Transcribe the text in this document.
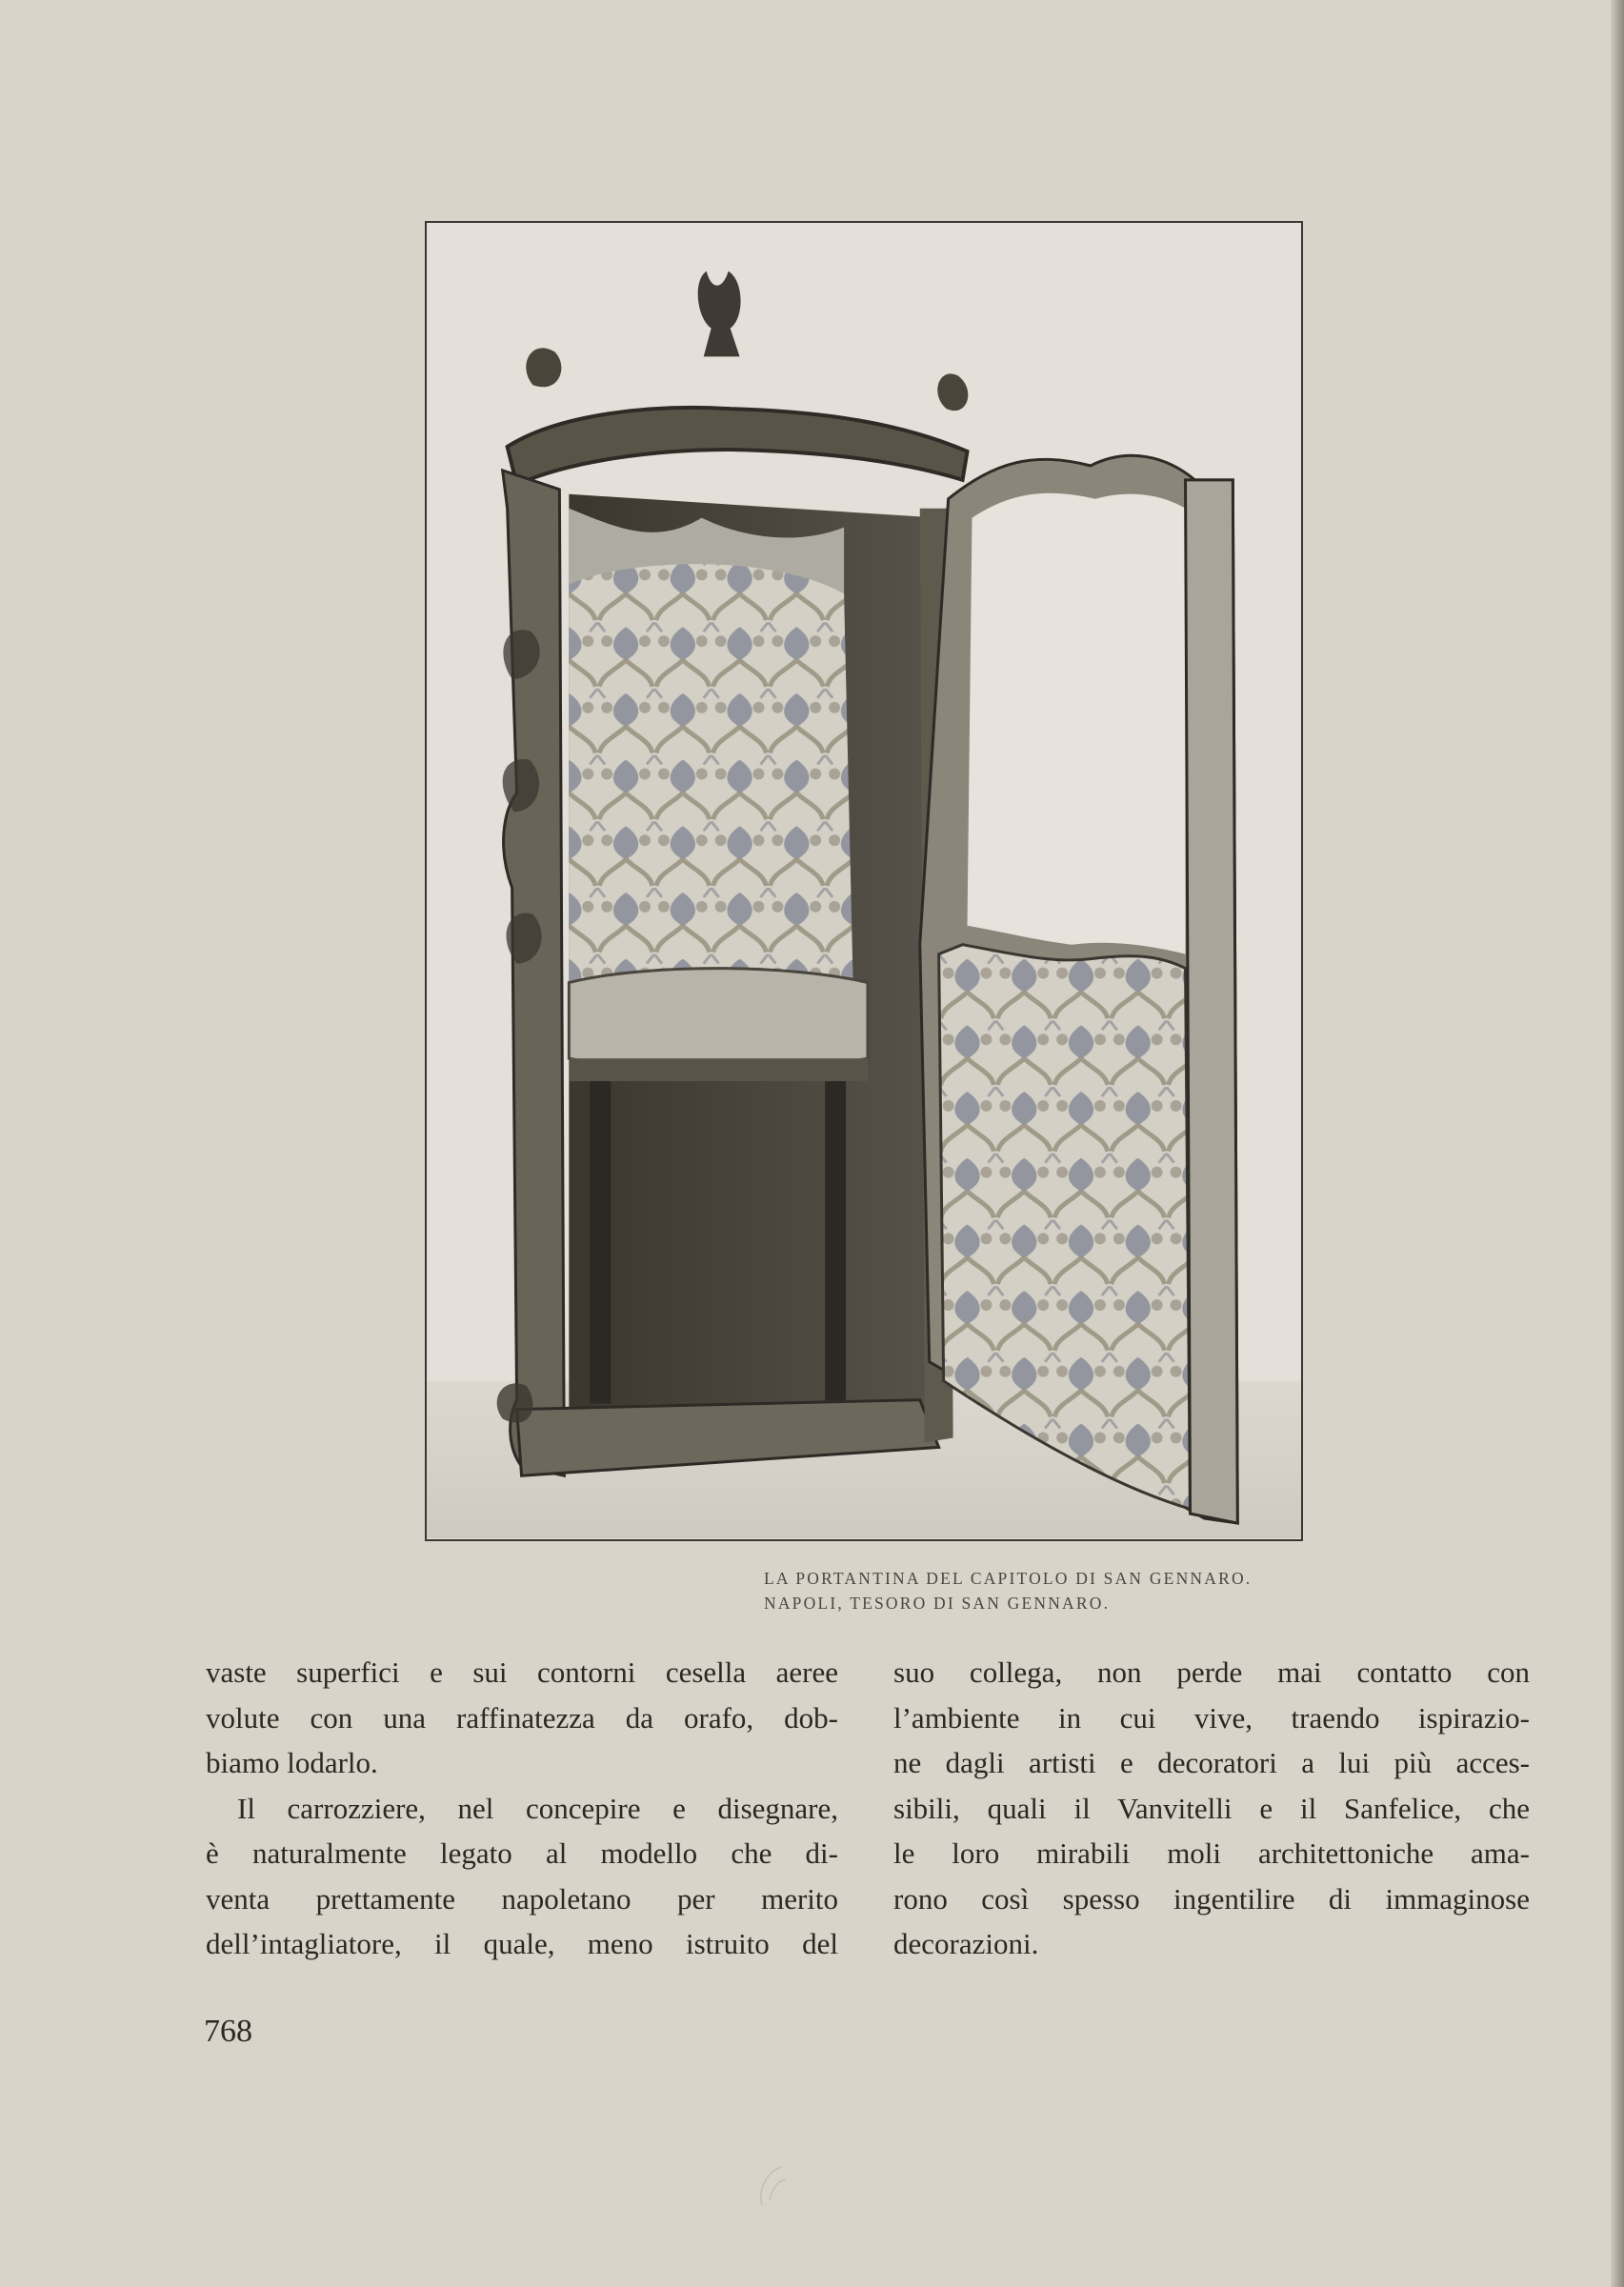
LA PORTANTINA DEL CAPITOLO DI SAN GENNARO.
NAPOLI, TESORO DI SAN GENNARO.

vaste superfici e sui contorni cesella aeree
volute con una raffinatezza da orafo, dob-
biamo lodarlo.

Il carrozziere, nel concepire e disegnare,
è naturalmente legato al modello che di-
venta prettamente napoletano per merito
dell’intagliatore, il quale, meno istruito del

suo collega, non perde mai contatto con
l’ambiente in cui vive, traendo ispirazio-
ne dagli artisti e decoratori a lui più acces-
sibili, quali il Vanvitelli e il Sanfelice, che
le loro mirabili moli architettoniche ama-
rono così spesso ingentilire di immaginose
decorazioni.

768
